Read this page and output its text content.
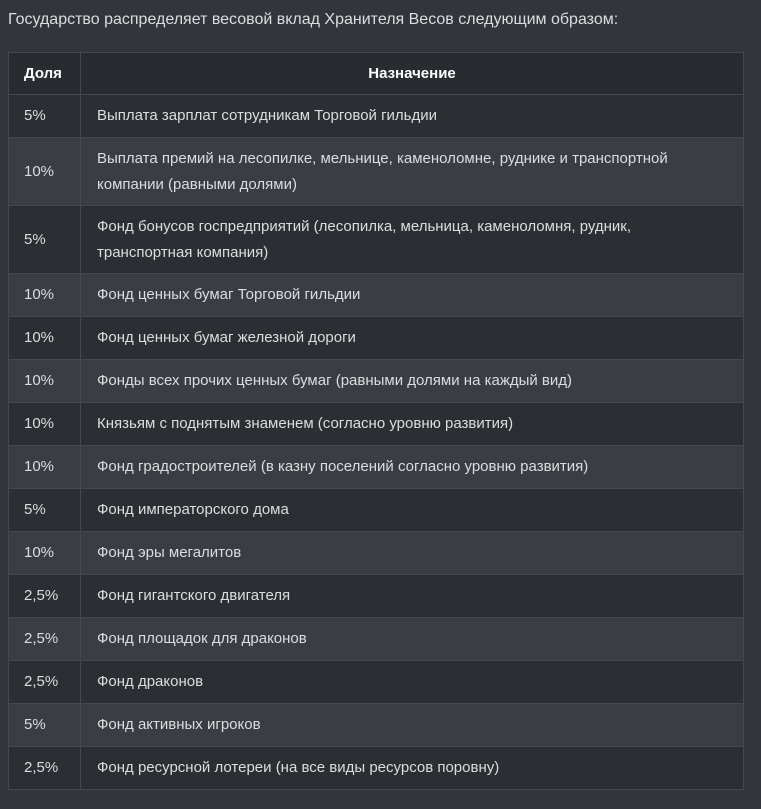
Государство распределяет весовой вклад Хранителя Весов следующим образом:
Доля	Назначение
5%	Выплата зарплат сотрудникам Торговой гильдии
10%	Выплата премий на лесопилке, мельнице, каменоломне, руднике и транспортной компании (равными долями)
5%	Фонд бонусов госпредприятий (лесопилка, мельница, каменоломня, рудник, транспортная компания)
10%	Фонд ценных бумаг Торговой гильдии
10%	Фонд ценных бумаг железной дороги
10%	Фонды всех прочих ценных бумаг (равными долями на каждый вид)
10%	Князьям с поднятым знаменем (согласно уровню развития)
10%	Фонд градостроителей (в казну поселений согласно уровню развития)
5%	Фонд императорского дома
10%	Фонд эры мегалитов
2,5%	Фонд гигантского двигателя
2,5%	Фонд площадок для драконов
2,5%	Фонд драконов
5%	Фонд активных игроков
2,5%	Фонд ресурсной лотереи (на все виды ресурсов поровну)
